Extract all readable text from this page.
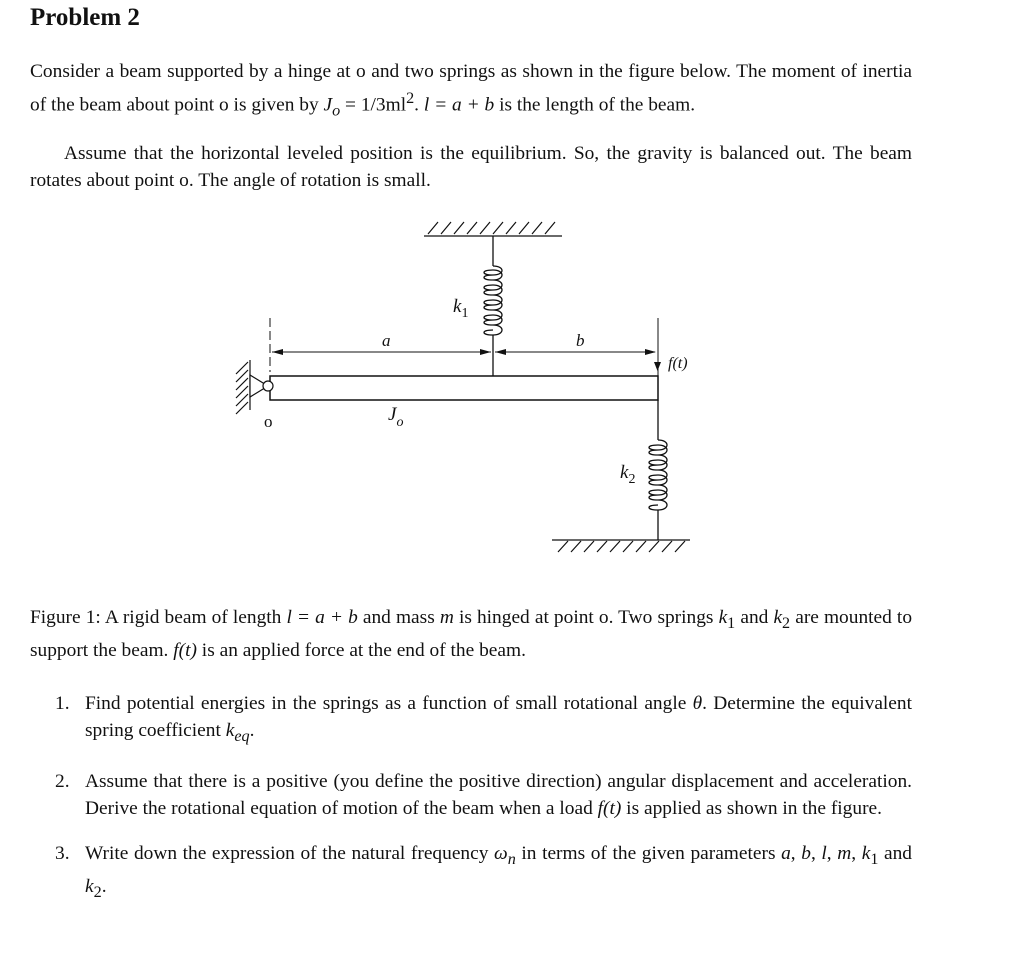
Problem 2
Consider a beam supported by a hinge at o and two springs as shown in the figure below. The moment of inertia of the beam about point o is given by $J_o = 1/3ml^2$. l = a + b is the length of the beam.
Assume that the horizontal leveled position is the equilibrium. So, the gravity is balanced out. The beam rotates about point o. The angle of rotation is small.
o
a	b
$J_o$
$k_1$
$k_2$
f(t)
Figure 1: A rigid beam of length l = a + b and mass m is hinged at point o. Two springs $k_1$ and $k_2$ are mounted to support the beam. f(t) is an applied force at the end of the beam.
1. Find potential energies in the springs as a function of small rotational angle θ. Determine the equivalent spring coefficient $k_{eq}$.
2. Assume that there is a positive (you define the positive direction) angular displacement and acceleration. Derive the rotational equation of motion of the beam when a load f(t) is applied as shown in the figure.
3. Write down the expression of the natural frequency $\omega_n$ in terms of the given parameters a, b, l, m, $k_1$ and $k_2$.
